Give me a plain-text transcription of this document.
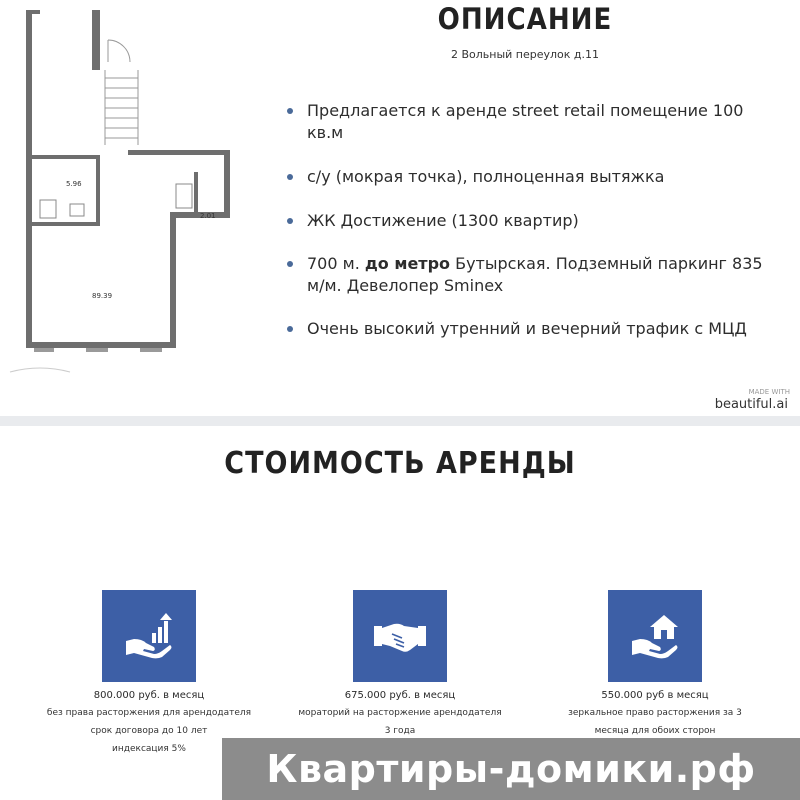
5.96
2.01
89.39
ОПИСАНИЕ
2 Вольный переулок д.11
Предлагается к аренде street retail помещение 100 кв.м
с/у (мокрая точка), полноценная вытяжка
ЖК Достижение (1300 квартир)
700 м. до метро Бутырская. Подземный паркинг 835 м/м. Девелопер Sminex
Очень высокий утренний и вечерний трафик с МЦД
MADE WITH
beautiful.ai
СТОИМОСТЬ АРЕНДЫ
800.000 руб. в месяц
без права расторжения для арендодателя
срок договора до 10 лет
индексация 5%
675.000 руб. в месяц
мораторий на расторжение арендодателя
3 года
550.000 руб в месяц
зеркальное право расторжения за 3
месяца для обоих сторон
Квартиры-домики.рф
